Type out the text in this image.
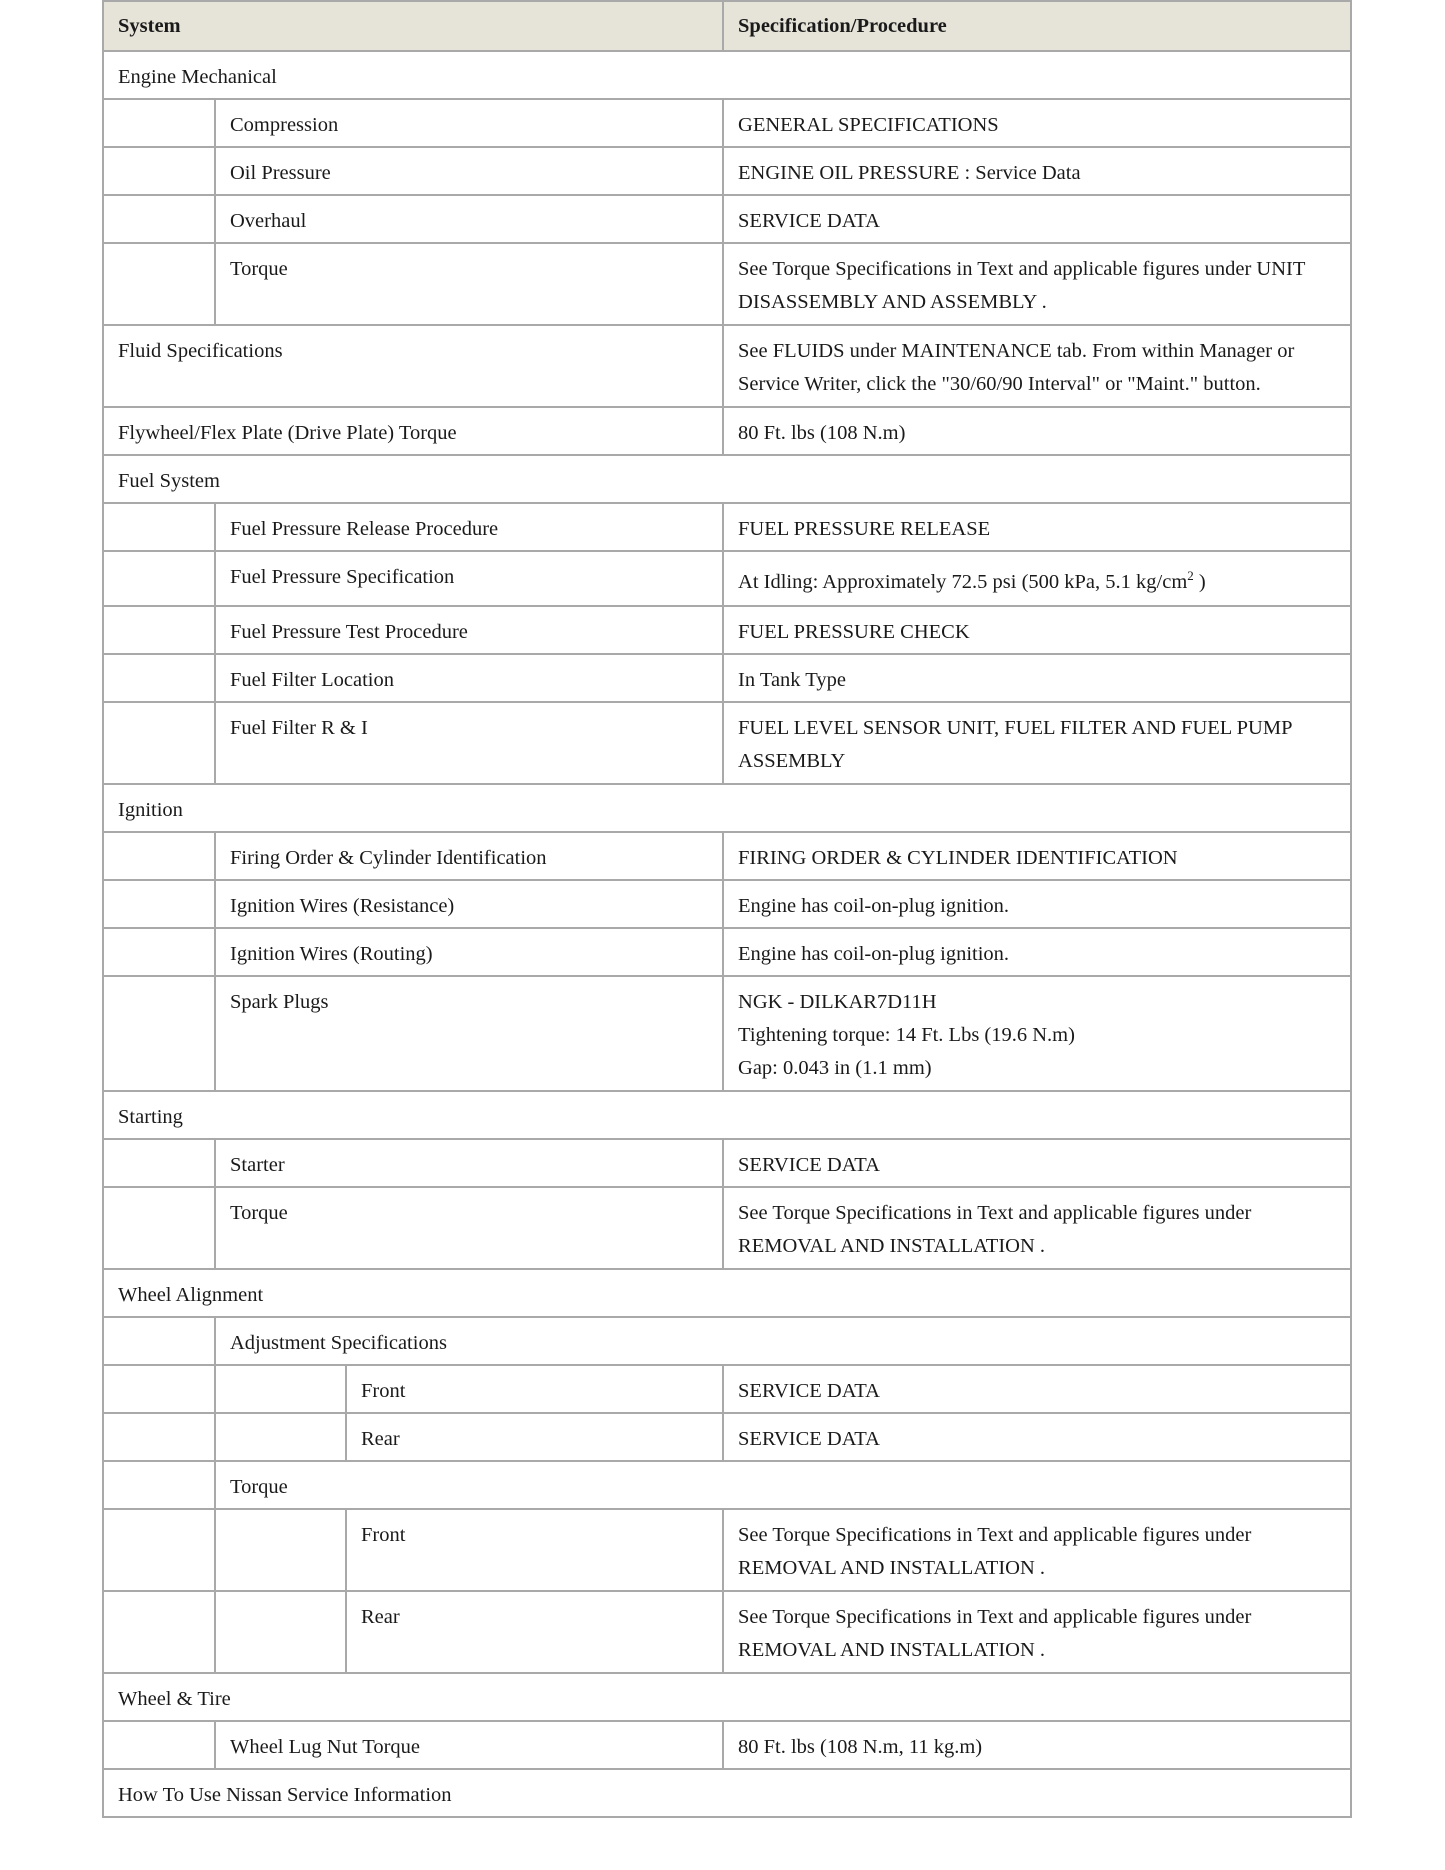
System			Specification/Procedure
Engine Mechanical			
	Compression		GENERAL SPECIFICATIONS
	Oil Pressure		ENGINE OIL PRESSURE : Service Data
	Overhaul		SERVICE DATA
	Torque		See Torque Specifications in Text and applicable figures under UNIT DISASSEMBLY AND ASSEMBLY .
Fluid Specifications			See FLUIDS under MAINTENANCE tab. From within Manager or Service Writer, click the "30/60/90 Interval" or "Maint." button.
Flywheel/Flex Plate (Drive Plate) Torque			80 Ft. lbs (108 N.m)
Fuel System			
	Fuel Pressure Release Procedure		FUEL PRESSURE RELEASE
	Fuel Pressure Specification		At Idling: Approximately 72.5 psi (500 kPa, 5.1 $kg/cm^2$ )
	Fuel Pressure Test Procedure		FUEL PRESSURE CHECK
	Fuel Filter Location		In Tank Type
	Fuel Filter R & I		FUEL LEVEL SENSOR UNIT, FUEL FILTER AND FUEL PUMP ASSEMBLY
Ignition			
	Firing Order & Cylinder Identification		FIRING ORDER & CYLINDER IDENTIFICATION
	Ignition Wires (Resistance)		Engine has coil-on-plug ignition.
	Ignition Wires (Routing)		Engine has coil-on-plug ignition.
	Spark Plugs		NGK - DILKAR7D11H
Tightening torque: 14 Ft. Lbs (19.6 N.m)
Gap: 0.043 in (1.1 mm)

Starting			
	Starter		SERVICE DATA
	Torque		See Torque Specifications in Text and applicable figures under REMOVAL AND INSTALLATION .
Wheel Alignment			
	Adjustment Specifications		
		Front	SERVICE DATA
		Rear	SERVICE DATA
	Torque		
		Front	See Torque Specifications in Text and applicable figures under REMOVAL AND INSTALLATION .
		Rear	See Torque Specifications in Text and applicable figures under REMOVAL AND INSTALLATION .
Wheel & Tire			
	Wheel Lug Nut Torque		80 Ft. lbs (108 N.m, 11 kg.m)
How To Use Nissan Service Information			
